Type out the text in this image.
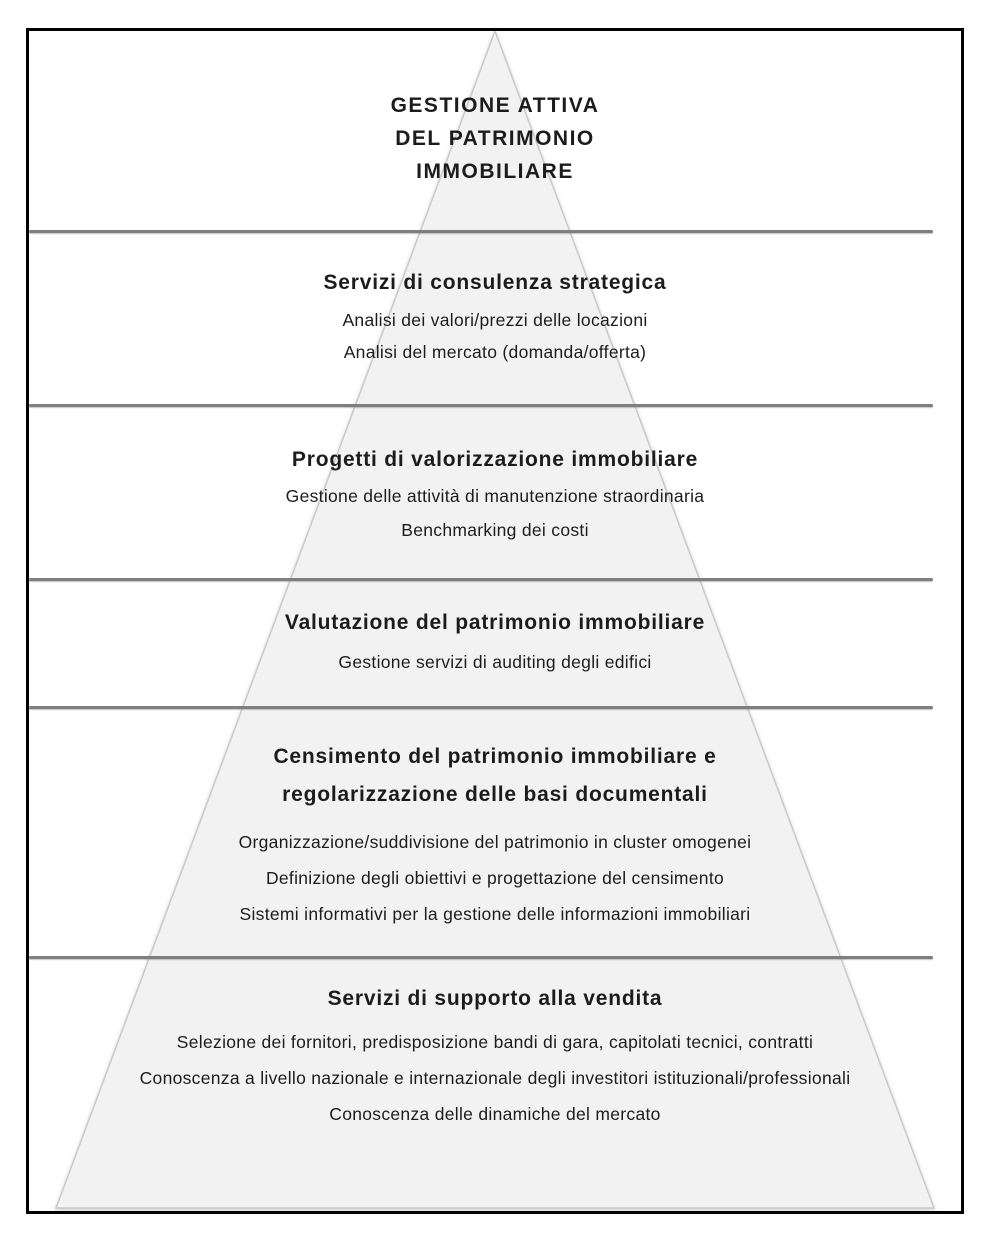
GESTIONE ATTIVA
DEL PATRIMONIO
IMMOBILIARE
Servizi di consulenza strategica
Analisi dei valori/prezzi delle locazioni
Analisi del mercato (domanda/offerta)
Progetti di valorizzazione immobiliare
Gestione delle attività di manutenzione straordinaria
Benchmarking dei costi
Valutazione del patrimonio immobiliare
Gestione servizi di auditing degli edifici
Censimento del patrimonio immobiliare e
regolarizzazione delle basi documentali
Organizzazione/suddivisione del patrimonio in cluster omogenei
Definizione degli obiettivi e progettazione del censimento
Sistemi informativi per la gestione delle informazioni immobiliari
Servizi di supporto alla vendita
Selezione dei fornitori, predisposizione bandi di gara, capitolati tecnici, contratti
Conoscenza a livello nazionale e internazionale degli investitori istituzionali/professionali
Conoscenza delle dinamiche del mercato
